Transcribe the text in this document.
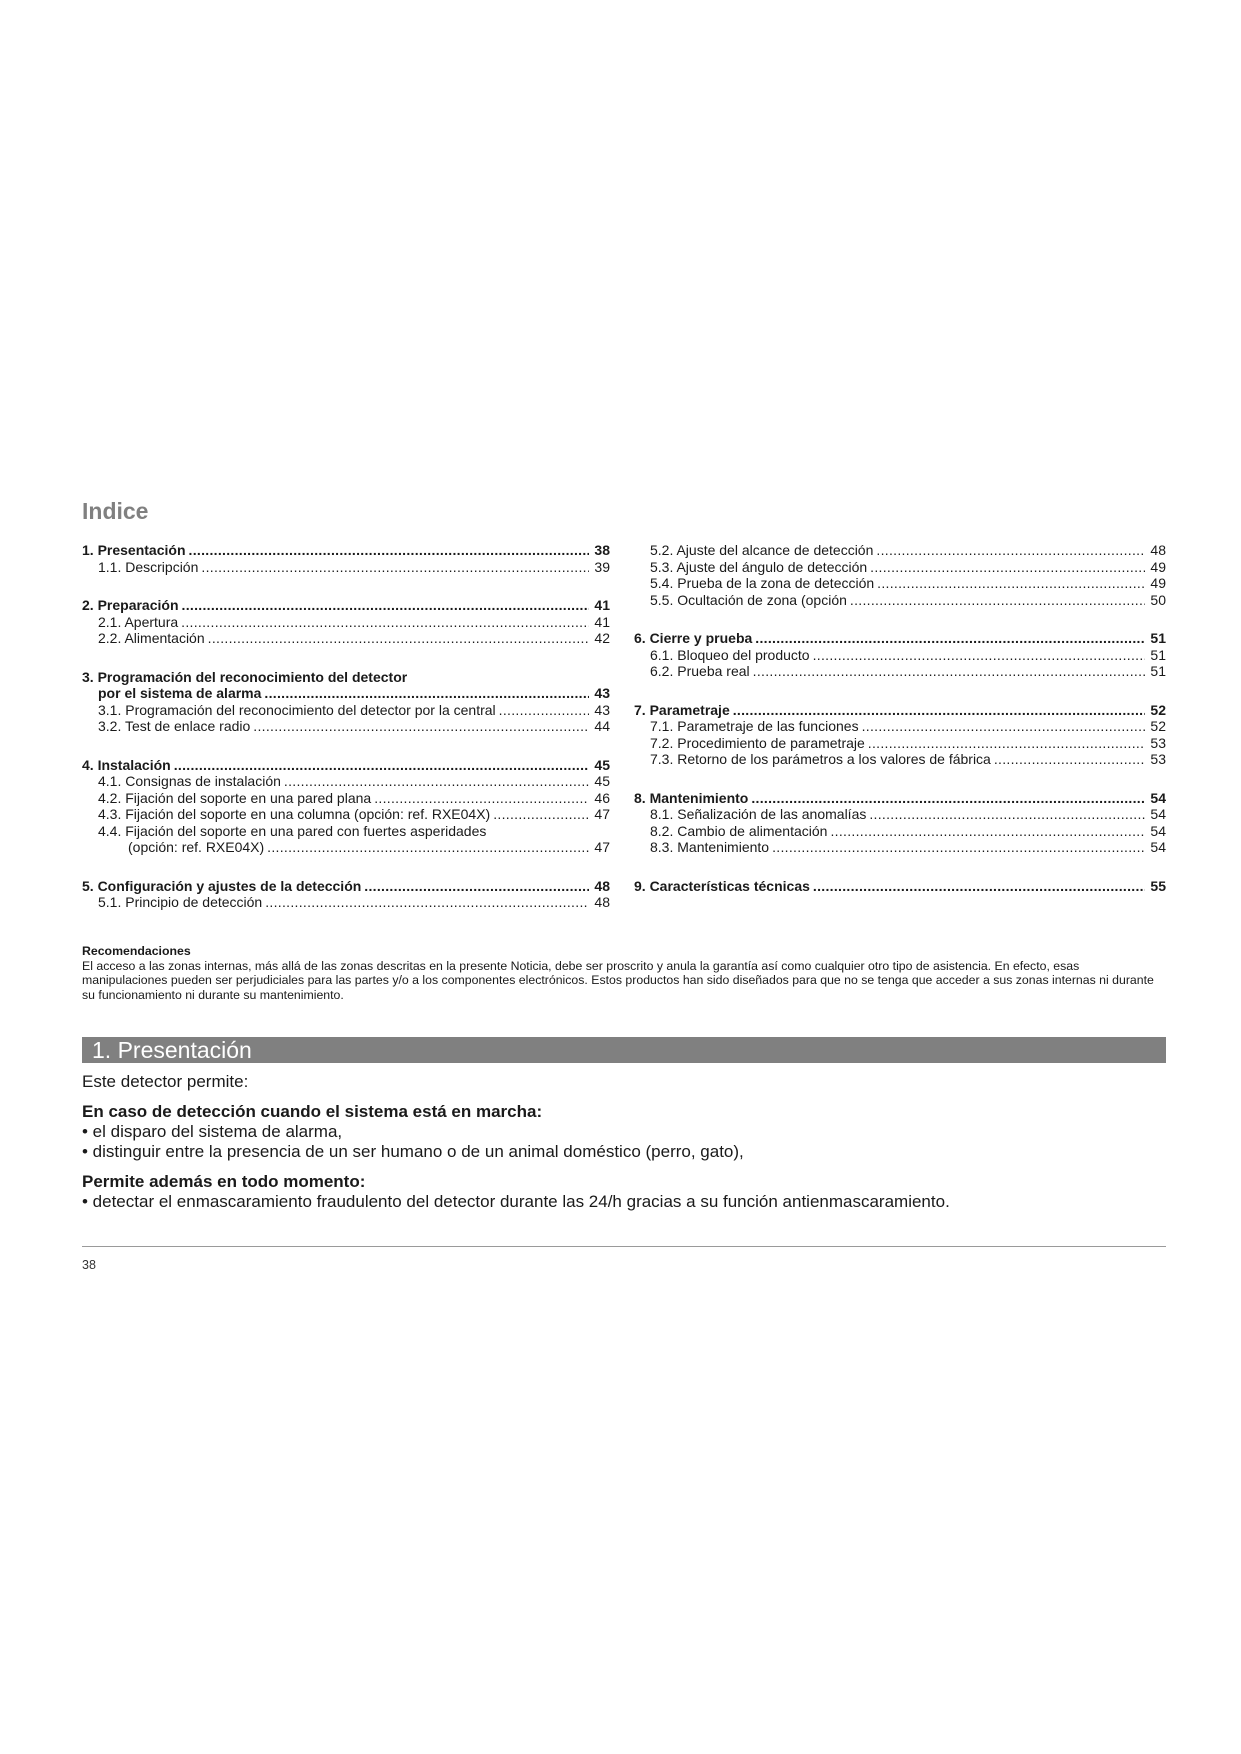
Indice
1. Presentación .....	38
1.1. Descripción .....	39
2. Preparación .....	41
2.1. Apertura .....	41
2.2. Alimentación .....	42
3. Programación del reconocimiento del detector
por el sistema de alarma .....	43
3.1. Programación del reconocimiento del detector por la central .....	43
3.2. Test de enlace radio .....	44
4. Instalación .....	45
4.1. Consignas de instalación .....	45
4.2. Fijación del soporte en una pared plana .....	46
4.3. Fijación del soporte en una columna (opción: ref. RXE04X) .....	47
4.4. Fijación del soporte en una pared con fuertes asperidades
(opción: ref. RXE04X) .....	47
5. Configuración y ajustes de la detección .....	48
5.1. Principio de detección .....	48
5.2. Ajuste del alcance de detección .....	48
5.3. Ajuste del ángulo de detección .....	49
5.4. Prueba de la zona de detección .....	49
5.5. Ocultación de zona (opción .....	50
6. Cierre y prueba .....	51
6.1. Bloqueo del producto .....	51
6.2. Prueba real .....	51
7. Parametraje .....	52
7.1. Parametraje de las funciones .....	52
7.2. Procedimiento de parametraje .....	53
7.3. Retorno de los parámetros a los valores de fábrica .....	53
8. Mantenimiento .....	54
8.1. Señalización de las anomalías .....	54
8.2. Cambio de alimentación .....	54
8.3. Mantenimiento .....	54
9. Características técnicas .....	55

Recomendaciones

El acceso a las zonas internas, más allá de las zonas descritas en la presente Noticia, debe ser proscrito y anula la garantía así como cualquier otro tipo de asistencia. En efecto, esas manipulaciones pueden ser perjudiciales para las partes y/o a los componentes electrónicos. Estos productos han sido diseñados para que no se tenga que acceder a sus zonas internas ni durante su funcionamiento ni durante su mantenimiento.

1. Presentación

Este detector permite:

En caso de detección cuando el sistema está en marcha:

• el disparo del sistema de alarma,

• distinguir entre la presencia de un ser humano o de un animal doméstico (perro, gato),

Permite además en todo momento:

• detectar el enmascaramiento fraudulento del detector durante las 24/h gracias a su función antienmascaramiento.

38
